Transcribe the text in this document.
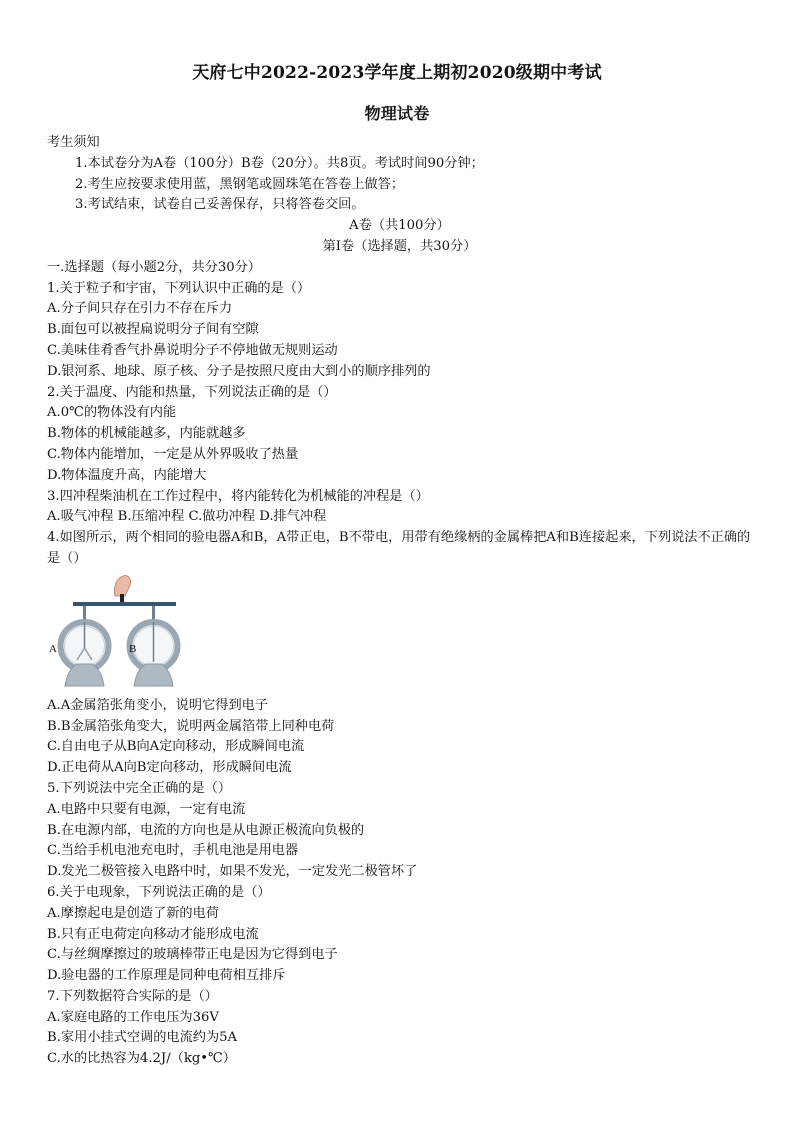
天府七中2022-2023学年度上期初2020级期中考试
物理试卷
考生须知
1.本试卷分为A卷（100分）B卷（20分）。共8页。考试时间90分钟；
2.考生应按要求使用蓝，黑钢笔或圆珠笔在答卷上做答；
3.考试结束，试卷自己妥善保存，只将答卷交回。
A卷（共100分）
第Ⅰ卷（选择题，共30分）
一.选择题（每小题2分，共分30分）
1.关于粒子和宇宙，下列认识中正确的是（）
A.分子间只存在引力不存在斥力
B.面包可以被捏扁说明分子间有空隙
C.美味佳肴香气扑鼻说明分子不停地做无规则运动
D.银河系、地球、原子核、分子是按照尺度由大到小的顺序排列的
2.关于温度、内能和热量，下列说法正确的是（）
A.0℃的物体没有内能
B.物体的机械能越多，内能就越多
C.物体内能增加，一定是从外界吸收了热量
D.物体温度升高，内能增大
3.四冲程柴油机在工作过程中，将内能转化为机械能的冲程是（）
A.吸气冲程 B.压缩冲程 C.做功冲程 D.排气冲程
4.如图所示，两个相同的验电器A和B，A带正电，B不带电，用带有绝缘柄的金属棒把A和B连接起来，下列说法不正确的是（）
A	B
A.A金属箔张角变小，说明它得到电子
B.B金属箔张角变大，说明两金属箔带上同种电荷
C.自由电子从B向A定向移动，形成瞬间电流
D.正电荷从A向B定向移动，形成瞬间电流
5.下列说法中完全正确的是（）
A.电路中只要有电源，一定有电流
B.在电源内部，电流的方向也是从电源正极流向负极的
C.当给手机电池充电时，手机电池是用电器
D.发光二极管接入电路中时，如果不发光，一定发光二极管坏了
6.关于电现象，下列说法正确的是（）
A.摩擦起电是创造了新的电荷
B.只有正电荷定向移动才能形成电流
C.与丝绸摩擦过的玻璃棒带正电是因为它得到电子
D.验电器的工作原理是同种电荷相互排斥
7.下列数据符合实际的是（）
A.家庭电路的工作电压为36V
B.家用小挂式空调的电流约为5A
C.水的比热容为4.2J/（kg•℃）
